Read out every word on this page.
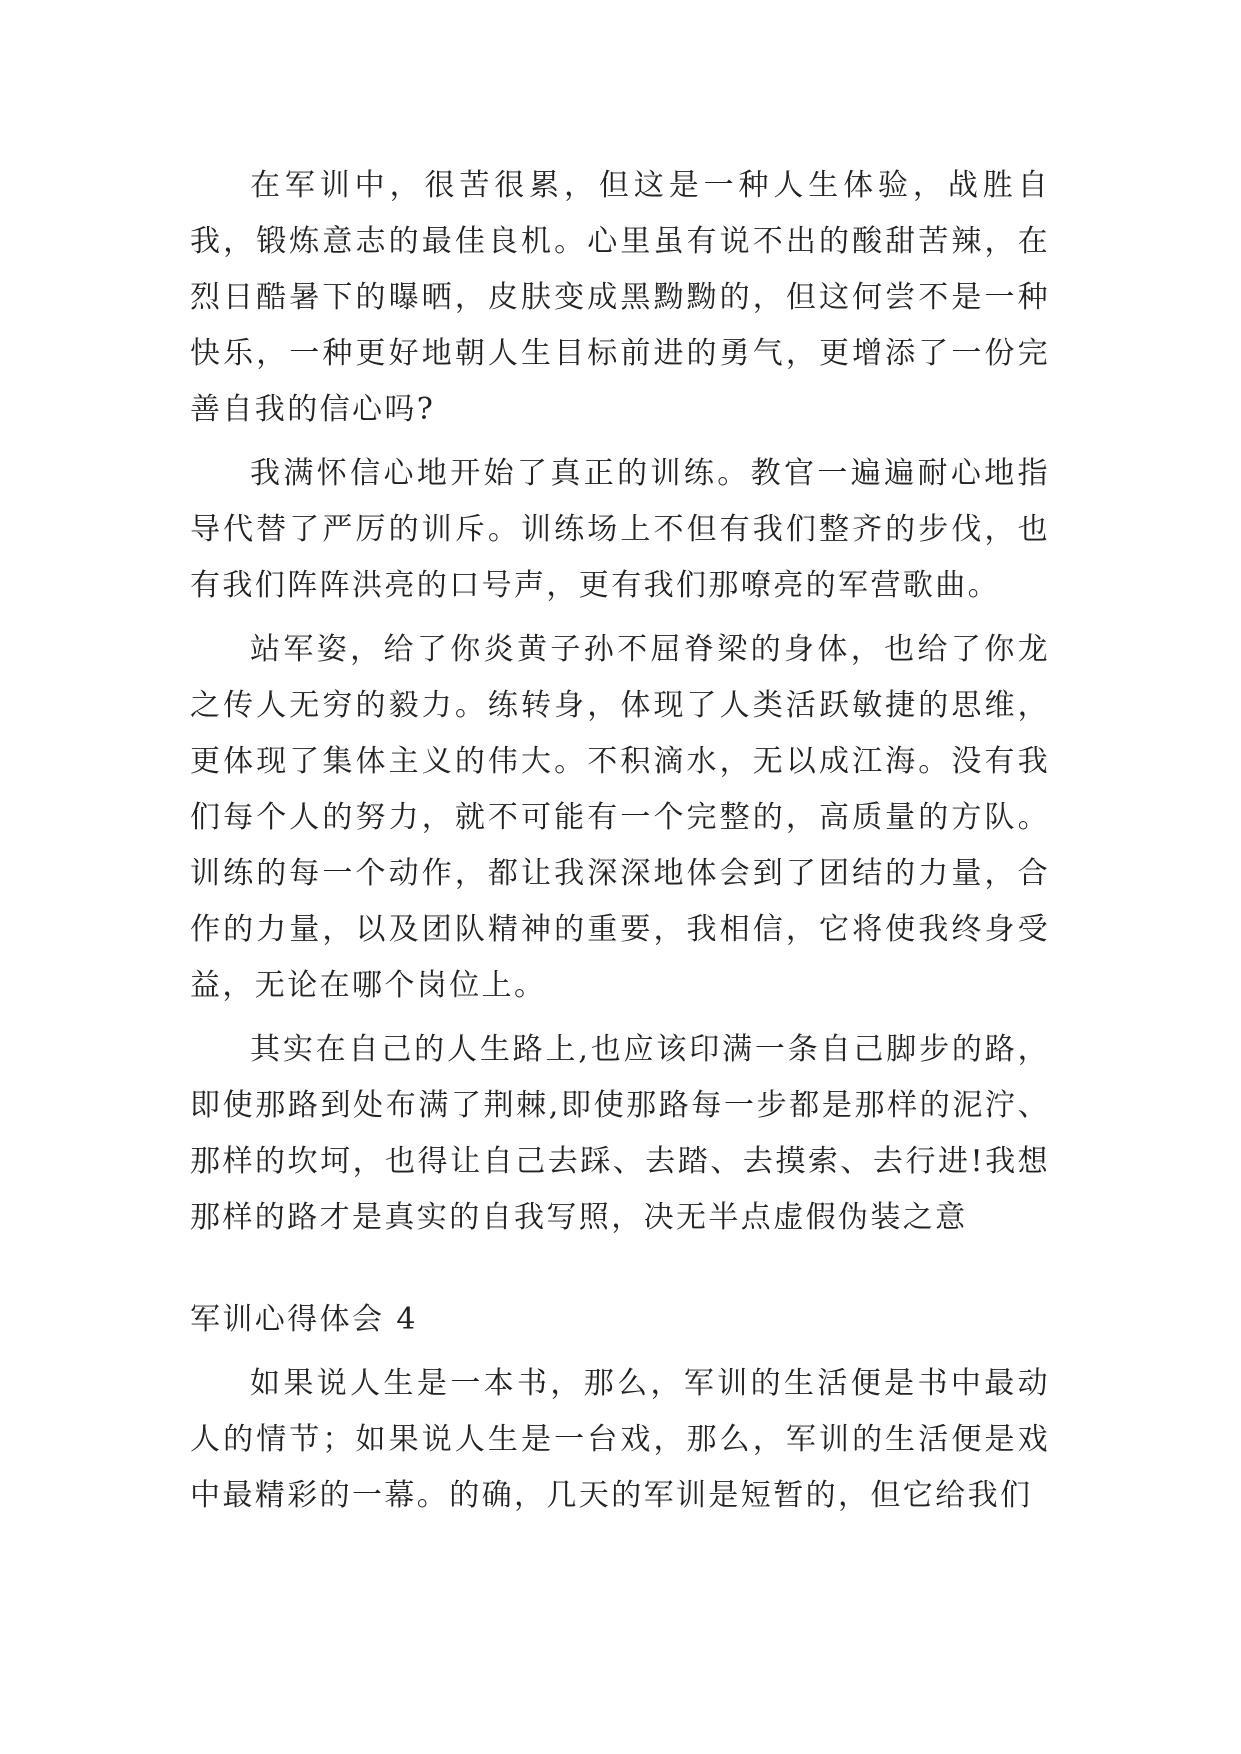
在军训中，很苦很累，但这是一种人生体验，战胜自我，锻炼意志的最佳良机。心里虽有说不出的酸甜苦辣，在烈日酷暑下的曝晒，皮肤变成黑黝黝的，但这何尝不是一种快乐，一种更好地朝人生目标前进的勇气，更增添了一份完善自我的信心吗?

我满怀信心地开始了真正的训练。教官一遍遍耐心地指导代替了严厉的训斥。训练场上不但有我们整齐的步伐，也有我们阵阵洪亮的口号声，更有我们那嘹亮的军营歌曲。

站军姿，给了你炎黄子孙不屈脊梁的身体，也给了你龙之传人无穷的毅力。练转身，体现了人类活跃敏捷的思维，更体现了集体主义的伟大。不积滴水，无以成江海。没有我们每个人的努力，就不可能有一个完整的，高质量的方队。训练的每一个动作，都让我深深地体会到了团结的力量，合作的力量，以及团队精神的重要，我相信，它将使我终身受益，无论在哪个岗位上。

其实在自己的人生路上,也应该印满一条自己脚步的路，即使那路到处布满了荆棘,即使那路每一步都是那样的泥泞、那样的坎坷，也得让自己去踩、去踏、去摸索、去行进!我想那样的路才是真实的自我写照，决无半点虚假伪装之意

军训心得体会 4

如果说人生是一本书，那么，军训的生活便是书中最动人的情节；如果说人生是一台戏，那么，军训的生活便是戏中最精彩的一幕。的确，几天的军训是短暂的，但它给我们
